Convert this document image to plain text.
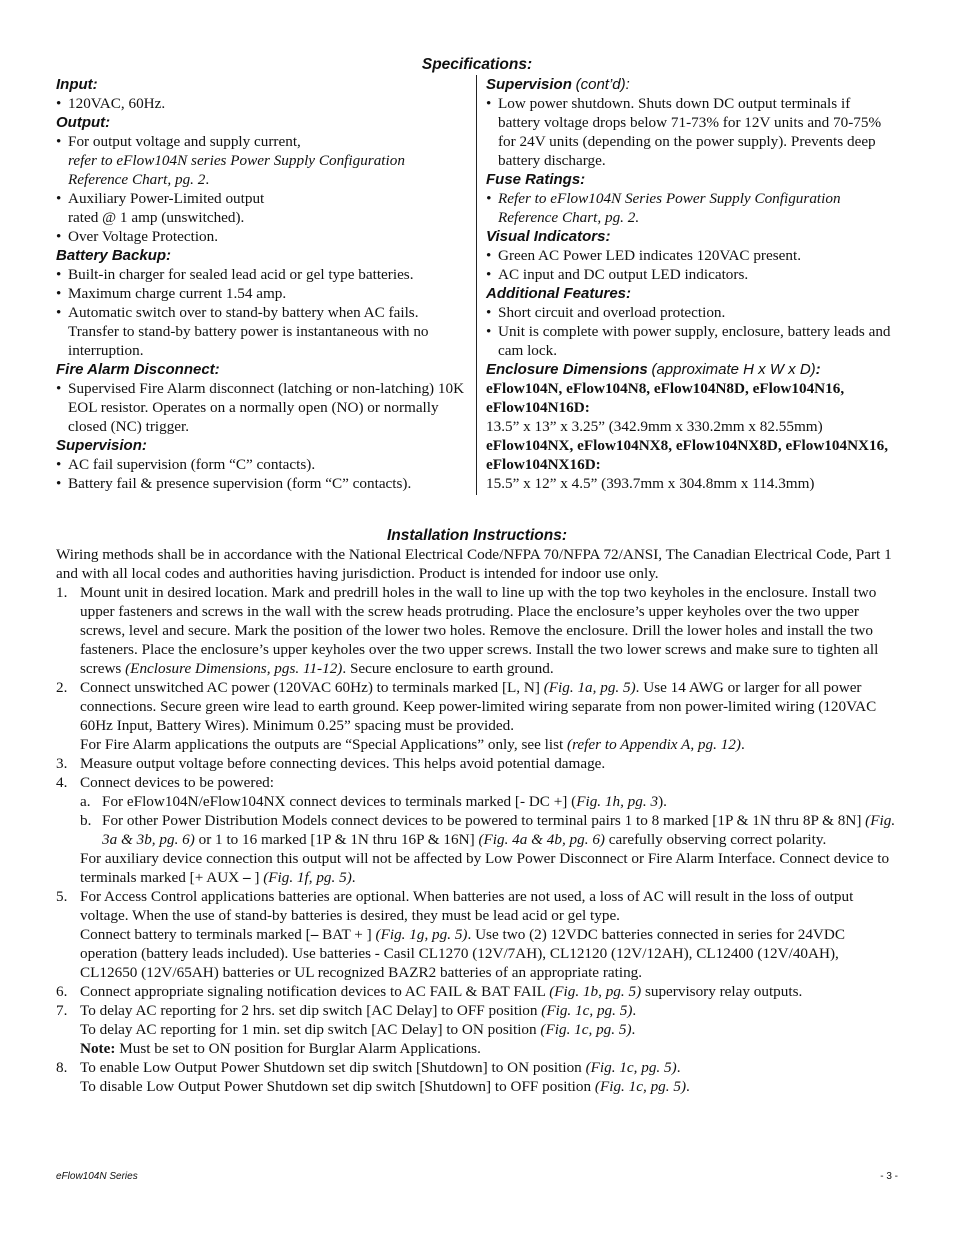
Specifications:
Input:
• 120VAC, 60Hz.
Output:
• For output voltage and supply current,
refer to eFlow104N series Power Supply Configuration Reference Chart, pg. 2.
• Auxiliary Power-Limited output
rated @ 1 amp (unswitched).
• Over Voltage Protection.
Battery Backup:
• Built-in charger for sealed lead acid or gel type batteries.
• Maximum charge current 1.54 amp.
• Automatic switch over to stand-by battery when AC fails. Transfer to stand-by battery power is instantaneous with no interruption.
Fire Alarm Disconnect:
• Supervised Fire Alarm disconnect (latching or non-latching) 10K EOL resistor. Operates on a normally open (NO) or normally closed (NC) trigger.
Supervision:
• AC fail supervision (form “C” contacts).
• Battery fail & presence supervision (form “C” contacts).
Supervision (cont’d):
• Low power shutdown. Shuts down DC output terminals if battery voltage drops below 71-73% for 12V units and 70-75% for 24V units (depending on the power supply). Prevents deep battery discharge.
Fuse Ratings:
• Refer to eFlow104N Series Power Supply Configuration Reference Chart, pg. 2.
Visual Indicators:
• Green AC Power LED indicates 120VAC present.
• AC input and DC output LED indicators.
Additional Features:
• Short circuit and overload protection.
• Unit is complete with power supply, enclosure, battery leads and cam lock.
Enclosure Dimensions (approximate H x W x D):
eFlow104N, eFlow104N8, eFlow104N8D, eFlow104N16, eFlow104N16D:
13.5” x 13” x 3.25” (342.9mm x 330.2mm x 82.55mm)
eFlow104NX, eFlow104NX8, eFlow104NX8D, eFlow104NX16, eFlow104NX16D:
15.5” x 12” x 4.5” (393.7mm x 304.8mm x 114.3mm)
Installation Instructions:
Wiring methods shall be in accordance with the National Electrical Code/NFPA 70/NFPA 72/ANSI, The Canadian Electrical Code, Part 1 and with all local codes and authorities having jurisdiction. Product is intended for indoor use only.
1. Mount unit in desired location. Mark and predrill holes in the wall to line up with the top two keyholes in the enclosure. Install two upper fasteners and screws in the wall with the screw heads protruding. Place the enclosure’s upper keyholes over the two upper screws, level and secure. Mark the position of the lower two holes. Remove the enclosure. Drill the lower holes and install the two fasteners. Place the enclosure’s upper keyholes over the two upper screws. Install the two lower screws and make sure to tighten all screws (Enclosure Dimensions, pgs. 11-12). Secure enclosure to earth ground.
2. Connect unswitched AC power (120VAC 60Hz) to terminals marked [L, N] (Fig. 1a, pg. 5). Use 14 AWG or larger for all power connections. Secure green wire lead to earth ground. Keep power-limited wiring separate from non power-limited wiring (120VAC 60Hz Input, Battery Wires). Minimum 0.25” spacing must be provided.
For Fire Alarm applications the outputs are “Special Applications” only, see list (refer to Appendix A, pg. 12).
3. Measure output voltage before connecting devices. This helps avoid potential damage.
4. Connect devices to be powered:
a. For eFlow104N/eFlow104NX connect devices to terminals marked [- DC +] (Fig. 1h, pg. 3).
b. For other Power Distribution Models connect devices to be powered to terminal pairs 1 to 8 marked [1P & 1N thru 8P & 8N] (Fig. 3a & 3b, pg. 6) or 1 to 16 marked [1P & 1N thru 16P & 16N] (Fig. 4a & 4b, pg. 6) carefully observing correct polarity.
For auxiliary device connection this output will not be affected by Low Power Disconnect or Fire Alarm Interface. Connect device to terminals marked [+ AUX – ] (Fig. 1f, pg. 5).
5. For Access Control applications batteries are optional. When batteries are not used, a loss of AC will result in the loss of output voltage. When the use of stand-by batteries is desired, they must be lead acid or gel type.
Connect battery to terminals marked [– BAT + ] (Fig. 1g, pg. 5). Use two (2) 12VDC batteries connected in series for 24VDC operation (battery leads included). Use batteries - Casil CL1270 (12V/7AH), CL12120 (12V/12AH), CL12400 (12V/40AH), CL12650 (12V/65AH) batteries or UL recognized BAZR2 batteries of an appropriate rating.
6. Connect appropriate signaling notification devices to AC FAIL & BAT FAIL (Fig. 1b, pg. 5) supervisory relay outputs.
7. To delay AC reporting for 2 hrs. set dip switch [AC Delay] to OFF position (Fig. 1c, pg. 5).
To delay AC reporting for 1 min. set dip switch [AC Delay] to ON position (Fig. 1c, pg. 5).
Note: Must be set to ON position for Burglar Alarm Applications.
8. To enable Low Output Power Shutdown set dip switch [Shutdown] to ON position (Fig. 1c, pg. 5).
To disable Low Output Power Shutdown set dip switch [Shutdown] to OFF position (Fig. 1c, pg. 5).
eFlow104N Series	- 3 -
